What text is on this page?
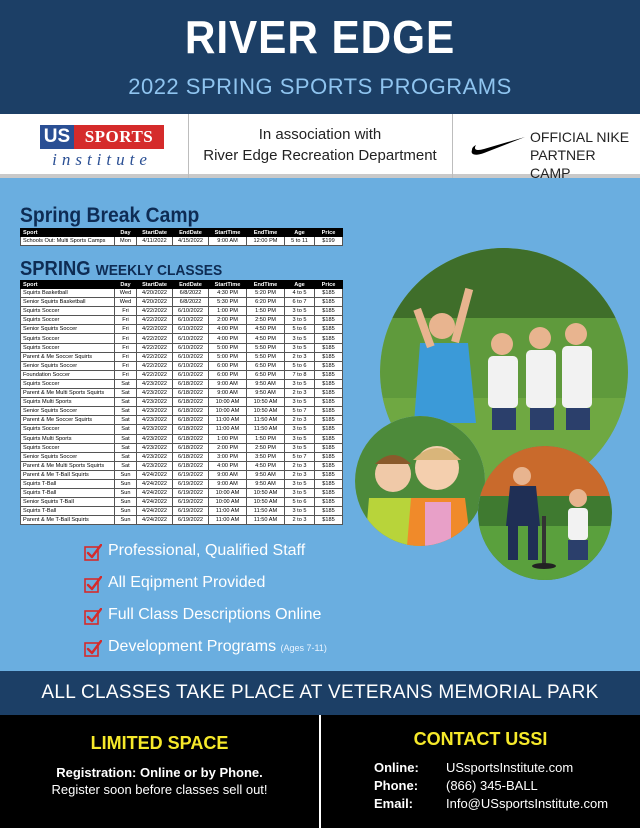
RIVER EDGE
2022 SPRING SPORTS PROGRAMS
US SPORTS
institute
In association with
River Edge Recreation Department
OFFICIAL NIKE
PARTNER CAMP
Spring Break Camp
Sport	Day	StartDate	EndDate	StartTime	EndTime	Age	Price
Schools Out: Multi Sports Camps	Mon	4/11/2022	4/15/2022	9:00 AM	12:00 PM	5 to 11	$199
SPRING WEEKLY CLASSES
Sport	Day	StartDate	EndDate	StartTime	EndTime	Age	Price
Squirts Basketball	Wed	4/20/2022	6/8/2022	4:30 PM	5:20 PM	4 to 5	$185
Senior Squirts Basketball	Wed	4/20/2022	6/8/2022	5:30 PM	6:20 PM	6 to 7	$185
Squirts Soccer	Fri	4/22/2022	6/10/2022	1:00 PM	1:50 PM	3 to 5	$185
Squirts Soccer	Fri	4/22/2022	6/10/2022	2:00 PM	2:50 PM	3 to 5	$185
Senior Squirts Soccer	Fri	4/22/2022	6/10/2022	4:00 PM	4:50 PM	5 to 6	$185
Squirts Soccer	Fri	4/22/2022	6/10/2022	4:00 PM	4:50 PM	3 to 5	$185
Squirts Soccer	Fri	4/22/2022	6/10/2022	5:00 PM	5:50 PM	3 to 5	$185
Parent & Me Soccer Squirts	Fri	4/22/2022	6/10/2022	5:00 PM	5:50 PM	2 to 3	$185
Senior Squirts Soccer	Fri	4/22/2022	6/10/2022	6:00 PM	6:50 PM	5 to 6	$185
Foundation Soccer	Fri	4/22/2022	6/10/2022	6:00 PM	6:50 PM	7 to 8	$185
Squirts Soccer	Sat	4/23/2022	6/18/2022	9:00 AM	9:50 AM	3 to 5	$185
Parent & Me Multi Sports Squirts	Sat	4/23/2022	6/18/2022	9:00 AM	9:50 AM	2 to 3	$185
Squirts Multi Sports	Sat	4/23/2022	6/18/2022	10:00 AM	10:50 AM	3 to 5	$185
Senior Squirts Soccer	Sat	4/23/2022	6/18/2022	10:00 AM	10:50 AM	5 to 7	$185
Parent & Me Soccer Squirts	Sat	4/23/2022	6/18/2022	11:00 AM	11:50 AM	2 to 3	$185
Squirts Soccer	Sat	4/23/2022	6/18/2022	11:00 AM	11:50 AM	3 to 5	$185
Squirts Multi Sports	Sat	4/23/2022	6/18/2022	1:00 PM	1:50 PM	3 to 5	$185
Squirts Soccer	Sat	4/23/2022	6/18/2022	2:00 PM	2:50 PM	3 to 5	$185
Senior Squirts Soccer	Sat	4/23/2022	6/18/2022	3:00 PM	3:50 PM	5 to 7	$185
Parent & Me Multi Sports Squirts	Sat	4/23/2022	6/18/2022	4:00 PM	4:50 PM	2 to 3	$185
Parent & Me T-Ball Squirts	Sun	4/24/2022	6/19/2022	9:00 AM	9:50 AM	2 to 3	$185
Squirts T-Ball	Sun	4/24/2022	6/19/2022	9:00 AM	9:50 AM	3 to 5	$185
Squirts T-Ball	Sun	4/24/2022	6/19/2022	10:00 AM	10:50 AM	3 to 5	$185
Senior Squirts T-Ball	Sun	4/24/2022	6/19/2022	10:00 AM	10:50 AM	5 to 6	$185
Squirts T-Ball	Sun	4/24/2022	6/19/2022	11:00 AM	11:50 AM	3 to 5	$185
Parent & Me T-Ball Squirts	Sun	4/24/2022	6/19/2022	11:00 AM	11:50 AM	2 to 3	$185
Professional, Qualified Staff
All Eqipment Provided
Full Class Descriptions Online
Development Programs (Ages 7-11)
ALL CLASSES TAKE PLACE AT VETERANS MEMORIAL PARK
LIMITED SPACE
Registration: Online or by Phone.
Register soon before classes sell out!
CONTACT USSI
Online: USsportsInstitute.com
Phone: (866) 345-BALL
Email:	Info@USsportsInstitute.com
